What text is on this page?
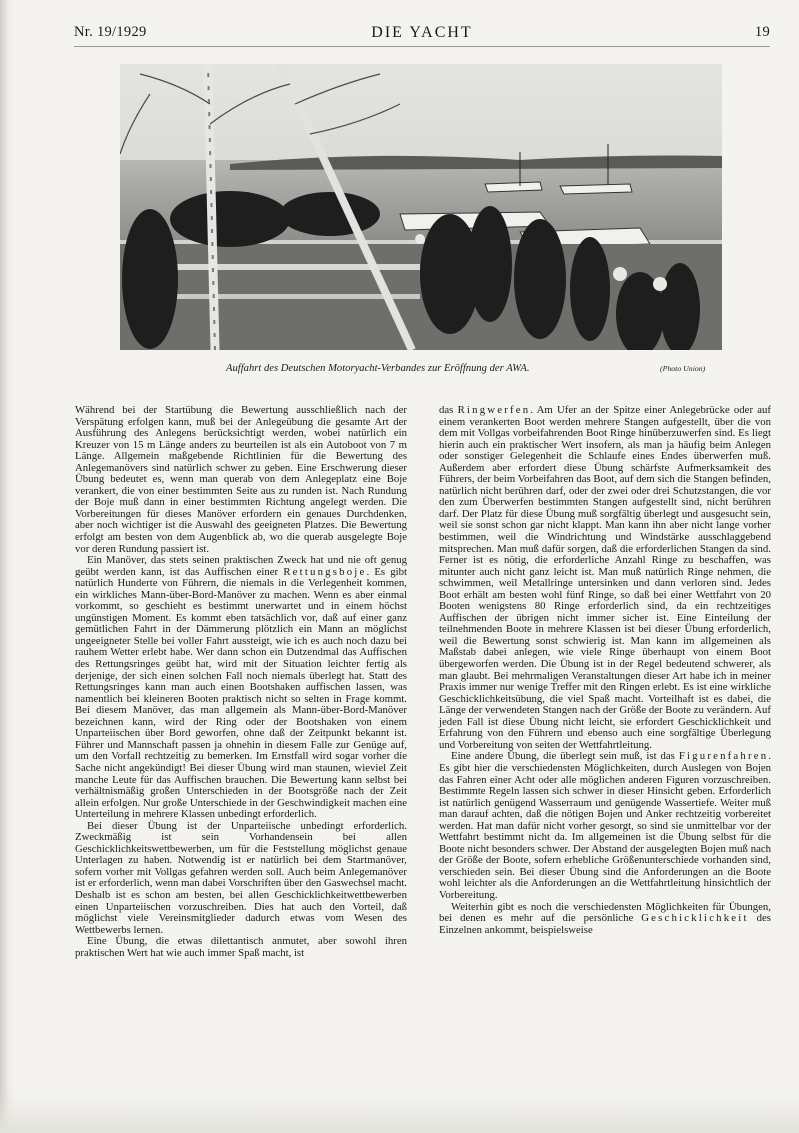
Nr. 19/1929	DIE YACHT	19
Auffahrt des Deutschen Motoryacht-Verbandes zur Eröffnung der AWA.	(Photo Union)

Während bei der Startübung die Bewertung ausschließlich nach der Verspätung erfolgen kann, muß bei der Anlegeübung die gesamte Art der Ausführung des Anlegens berücksichtigt werden, wobei natürlich ein Kreuzer von 15 m Länge anders zu beurteilen ist als ein Autoboot von 7 m Länge. Allgemein maßgebende Richtlinien für die Bewertung des Anlegemanövers sind natürlich schwer zu geben. Eine Erschwerung dieser Übung bedeutet es, wenn man querab von dem Anlegeplatz eine Boje verankert, die von einer bestimmten Seite aus zu runden ist. Nach Rundung der Boje muß dann in einer bestimmten Richtung angelegt werden. Die Vorbereitungen für dieses Manöver erfordern ein genaues Durchdenken, aber noch wichtiger ist die Auswahl des geeigneten Platzes. Die Bewertung erfolgt am besten von dem Augenblick ab, wo die querab ausgelegte Boje vor deren Rundung passiert ist.

Ein Manöver, das stets seinen praktischen Zweck hat und nie oft genug geübt werden kann, ist das Auffischen einer Rettungsboje. Es gibt natürlich Hunderte von Führern, die niemals in die Verlegenheit kommen, ein wirkliches Mann-über-Bord-Manöver zu machen. Wenn es aber einmal vorkommt, so geschieht es bestimmt unerwartet und in einem höchst ungünstigen Moment. Es kommt eben tatsächlich vor, daß auf einer ganz gemütlichen Fahrt in der Dämmerung plötzlich ein Mann an möglichst ungeeigneter Stelle bei voller Fahrt aussteigt, wie ich es auch noch dazu bei rauhem Wetter erlebt habe. Wer dann schon ein Dutzendmal das Auffischen des Rettungsringes geübt hat, wird mit der Situation leichter fertig als derjenige, der sich einen solchen Fall noch niemals überlegt hat. Statt des Rettungsringes kann man auch einen Bootshaken auffischen lassen, was namentlich bei kleineren Booten praktisch nicht so selten in Frage kommt. Bei diesem Manöver, das man allgemein als Mann-über-Bord-Manöver bezeichnen kann, wird der Ring oder der Bootshaken von einem Unparteiischen über Bord geworfen, ohne daß der Zeitpunkt bekannt ist. Führer und Mannschaft passen ja ohnehin in diesem Falle zur Genüge auf, um den Vorfall rechtzeitig zu bemerken. Im Ernstfall wird sogar vorher die Sache nicht angekündigt! Bei dieser Übung wird man staunen, wieviel Zeit manche Leute für das Auffischen brauchen. Die Bewertung kann selbst bei verhältnismäßig großen Unterschieden in der Bootsgröße nach der Zeit allein erfolgen. Nur große Unterschiede in der Geschwindigkeit machen eine Unterteilung in mehrere Klassen unbedingt erforderlich.

Bei dieser Übung ist der Unparteiische unbedingt erforderlich. Zweckmäßig ist sein Vorhandensein bei allen Geschicklichkeitswettbewerben, um für die Feststellung möglichst genaue Unterlagen zu haben. Notwendig ist er natürlich bei dem Startmanöver, sofern vorher mit Vollgas gefahren werden soll. Auch beim Anlegemanöver ist er erforderlich, wenn man dabei Vorschriften über den Gaswechsel macht. Deshalb ist es schon am besten, bei allen Geschicklichkeitwettbewerben einen Unparteiischen vorzuschreiben. Dies hat auch den Vorteil, daß möglichst viele Vereinsmitglieder dadurch etwas vom Wesen des Wettbewerbs lernen.

Eine Übung, die etwas dilettantisch anmutet, aber sowohl ihren praktischen Wert hat wie auch immer Spaß macht, ist

das Ringwerfen. Am Ufer an der Spitze einer Anlegebrücke oder auf einem verankerten Boot werden mehrere Stangen aufgestellt, über die von dem mit Vollgas vorbeifahrenden Boot Ringe hinüberzuwerfen sind. Es liegt hierin auch ein praktischer Wert insofern, als man ja häufig beim Anlegen oder sonstiger Gelegenheit die Schlaufe eines Endes überwerfen muß. Außerdem aber erfordert diese Übung schärfste Aufmerksamkeit des Führers, der beim Vorbeifahren das Boot, auf dem sich die Stangen befinden, natürlich nicht berühren darf, oder der zwei oder drei Schutzstangen, die vor den zum Überwerfen bestimmten Stangen aufgestellt sind, nicht berühren darf. Der Platz für diese Übung muß sorgfältig überlegt und ausgesucht sein, weil sie sonst schon gar nicht klappt. Man kann ihn aber nicht lange vorher bestimmen, weil die Windrichtung und Windstärke ausschlaggebend mitsprechen. Man muß dafür sorgen, daß die erforderlichen Stangen da sind. Ferner ist es nötig, die erforderliche Anzahl Ringe zu beschaffen, was mitunter auch nicht ganz leicht ist. Man muß natürlich Ringe nehmen, die schwimmen, weil Metallringe untersinken und dann verloren sind. Jedes Boot erhält am besten wohl fünf Ringe, so daß bei einer Wettfahrt von 20 Booten wenigstens 80 Ringe erforderlich sind, da ein rechtzeitiges Auffischen der übrigen nicht immer sicher ist. Eine Einteilung der teilnehmenden Boote in mehrere Klassen ist bei dieser Übung erforderlich, weil die Bewertung sonst schwierig ist. Man kann im allgemeinen als Maßstab dabei anlegen, wie viele Ringe überhaupt von einem Boot übergeworfen werden. Die Übung ist in der Regel bedeutend schwerer, als man glaubt. Bei mehrmaligen Veranstaltungen dieser Art habe ich in meiner Praxis immer nur wenige Treffer mit den Ringen erlebt. Es ist eine wirkliche Geschicklichkeitsübung, die viel Spaß macht. Vorteilhaft ist es dabei, die Länge der verwendeten Stangen nach der Größe der Boote zu verändern. Auf jeden Fall ist diese Übung nicht leicht, sie erfordert Geschicklichkeit und Erfahrung von den Führern und ebenso auch eine sorgfältige Überlegung und Vorbereitung von seiten der Wettfahrtleitung.

Eine andere Übung, die überlegt sein muß, ist das Figurenfahren. Es gibt hier die verschiedensten Möglichkeiten, durch Auslegen von Bojen das Fahren einer Acht oder alle möglichen anderen Figuren vorzuschreiben. Bestimmte Regeln lassen sich schwer in dieser Hinsicht geben. Erforderlich ist natürlich genügend Wasserraum und genügende Wassertiefe. Weiter muß man darauf achten, daß die nötigen Bojen und Anker rechtzeitig vorbereitet werden. Hat man dafür nicht vorher gesorgt, so sind sie unmittelbar vor der Wettfahrt bestimmt nicht da. Im allgemeinen ist die Übung selbst für die Boote nicht besonders schwer. Der Abstand der ausgelegten Bojen muß nach der Größe der Boote, sofern erhebliche Größenunterschiede vorhanden sind, verschieden sein. Bei dieser Übung sind die Anforderungen an die Boote wohl leichter als die Anforderungen an die Wettfahrtleitung hinsichtlich der Vorbereitung.

Weiterhin gibt es noch die verschiedensten Möglichkeiten für Übungen, bei denen es mehr auf die persönliche Geschicklichkeit des Einzelnen ankommt, beispielsweise
